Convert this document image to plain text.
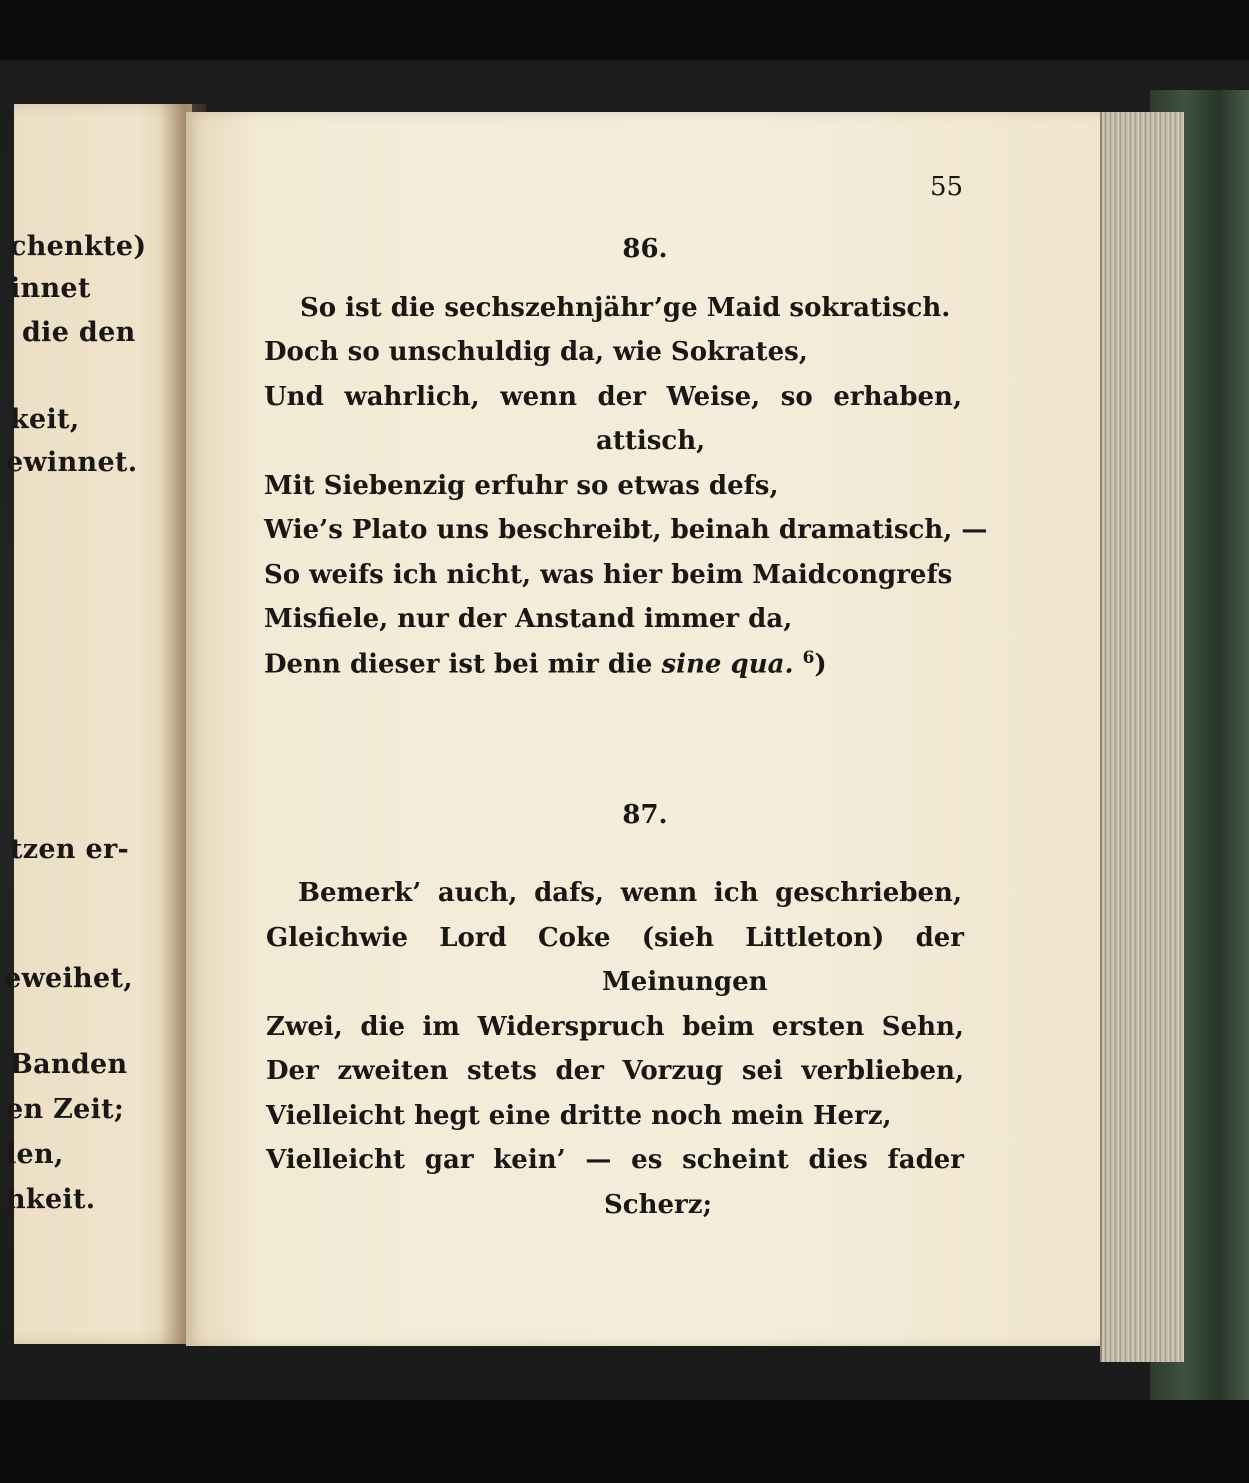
chenkte)
innet
die den
keit,
ewinnet.
tzen er-
eweihet,
Banden
en Zeit;
len,
hkeit.
55
86.
So ist die sechszehnjähr’ge Maid sokratisch.
Doch so unschuldig da, wie Sokrates,
Und wahrlich, wenn der Weise, so erhaben,
attisch,
Mit Siebenzig erfuhr so etwas defs,
Wie’s Plato uns beschreibt, beinah dramatisch, —
So weifs ich nicht, was hier beim Maidcongrefs
Misfiele, nur der Anstand immer da,
Denn dieser ist bei mir die sine qua. $^6$)
87.
Bemerk’ auch, dafs, wenn ich geschrieben,
Gleichwie Lord Coke (sieh Littleton) der
Meinungen
Zwei, die im Widerspruch beim ersten Sehn,
Der zweiten stets der Vorzug sei verblieben,
Vielleicht hegt eine dritte noch mein Herz,
Vielleicht gar kein’ — es scheint dies fader
Scherz;
